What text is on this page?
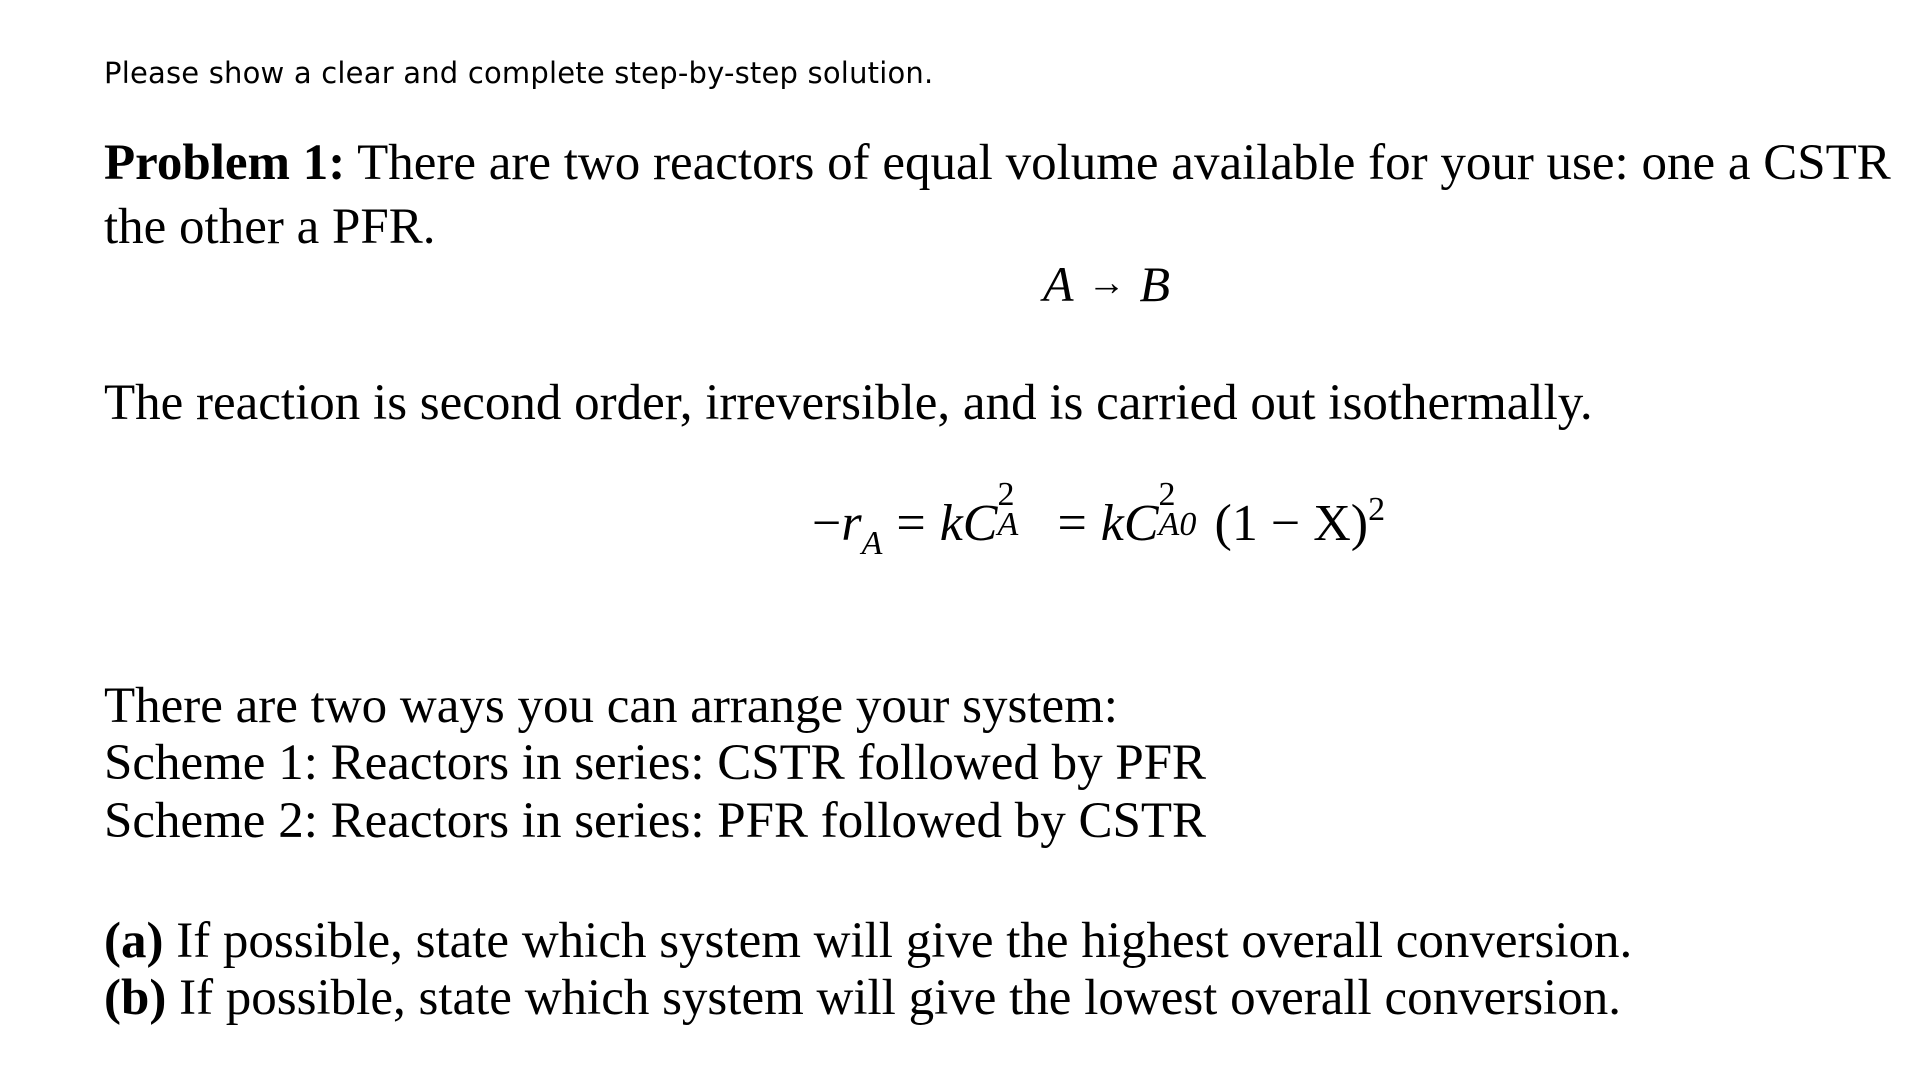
Please show a clear and complete step-by-step solution.
Problem 1: There are two reactors of equal volume available for your use: one a CSTR
the other a PFR.
A → B
The reaction is second order, irreversible, and is carried out isothermally.
$-r_A$ = kC
2
A = kC
2
A0 $(1 - X)^2$
There are two ways you can arrange your system:
Scheme 1: Reactors in series: CSTR followed by PFR
Scheme 2: Reactors in series: PFR followed by CSTR
(a) If possible, state which system will give the highest overall conversion.
(b) If possible, state which system will give the lowest overall conversion.
